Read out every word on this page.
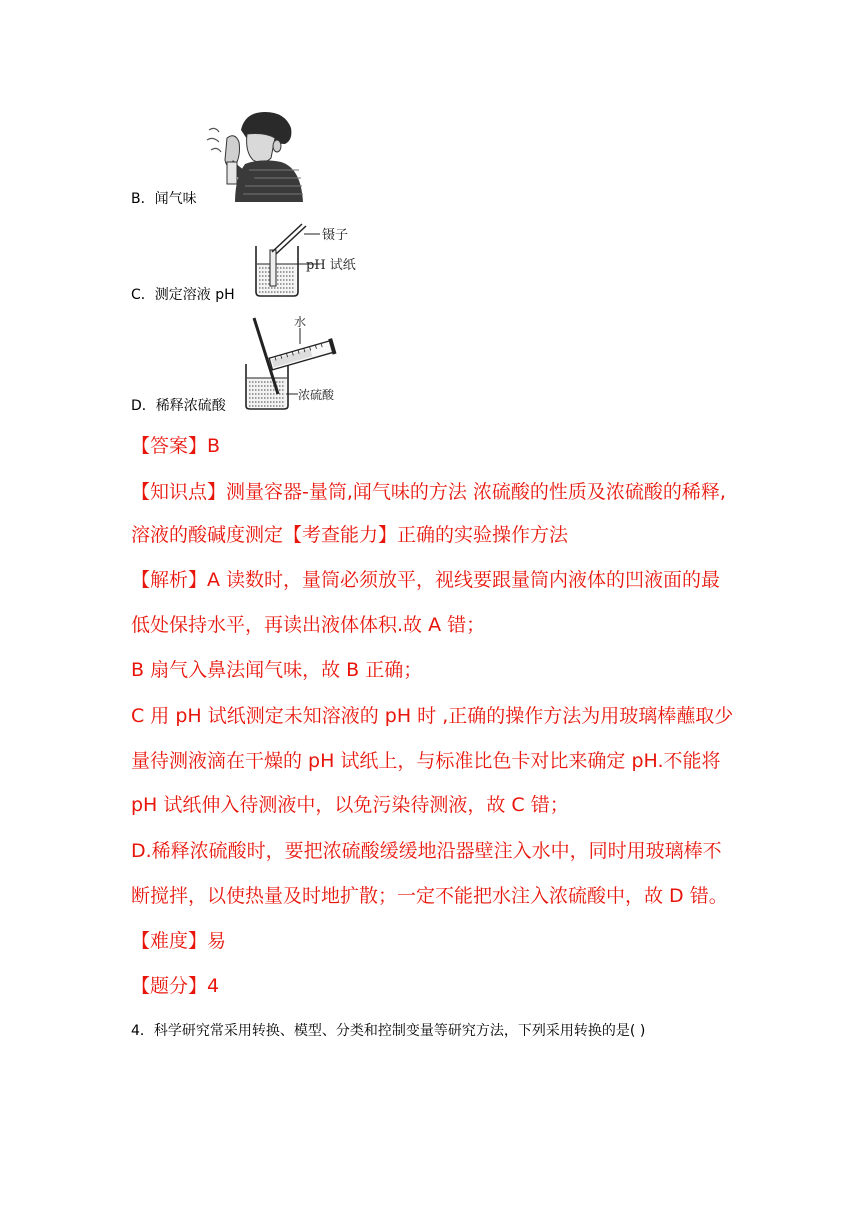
B．闻气味
C．测定溶液 pH
镊子
pH 试纸
D．稀释浓硫酸
水
浓硫酸
【答案】B
【知识点】测量容器-量筒,闻气味的方法 浓硫酸的性质及浓硫酸的稀释,
溶液的酸碱度测定【考查能力】正确的实验操作方法
【解析】A 读数时，量筒必须放平，视线要跟量筒内液体的凹液面的最
低处保持水平，再读出液体体积.故 A 错；
B 扇气入鼻法闻气味，故 B 正确；
C 用 pH 试纸测定未知溶液的 pH 时 ,正确的操作方法为用玻璃棒蘸取少
量待测液滴在干燥的 pH 试纸上，与标准比色卡对比来确定 pH.不能将
pH 试纸伸入待测液中，以免污染待测液，故 C 错；
D.稀释浓硫酸时，要把浓硫酸缓缓地沿器壁注入水中，同时用玻璃棒不
断搅拌，以使热量及时地扩散；一定不能把水注入浓硫酸中，故 D 错。
【难度】易
【题分】4
4．科学研究常采用转换、模型、分类和控制变量等研究方法，下列采用转换的是( )
